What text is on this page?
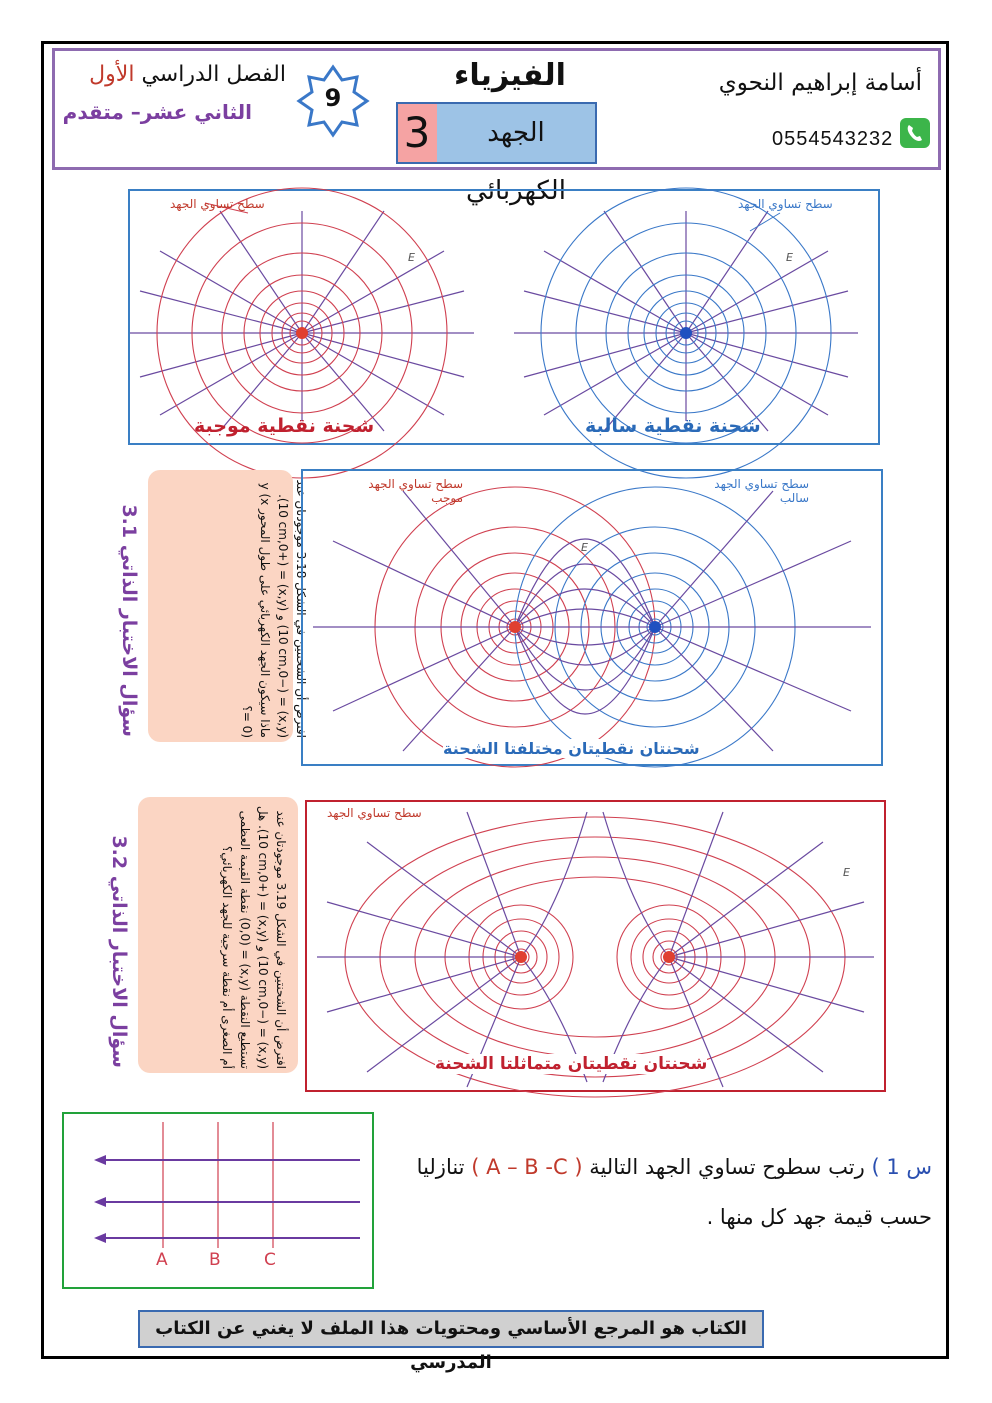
أسامة إبراهيم النحوي
0554543232
الفيزياء
3	الجهد الكهربائي
الفصل الدراسي الأول
الثاني عشر– متقدم	9
سطح تساوي الجهد	سطح تساوي الجهد
E	E
شحنة نقطية موجبة	شحنة نقطية سالبة
افترض أن الشحنتين في الشكل 3.18 موجودتان عند (x,y) = (−10 cm,0) و (x,y) = (+10 cm,0). ماذا سيكون الجهد الكهربائي على طول المحور y (x = 0)؟
سؤال الاختبار الذاتي 3.1
سطح تساوي الجهد موجب
سطح تساوي الجهد سالب
E
شحنتان نقطيتان مختلفتا الشحنة
افترض أن الشحنتين في الشكل 3.19 موجودتان عند (x,y) = (−10 cm,0) و (x,y) = (+10 cm,0). هل تستطيع النقطة (x,y) = (0,0) نقطة القيمة العظمى أم الصغرى أم نقطة سرجية للجهد الكهربائي؟
سؤال الاختبار الذاتي 3.2
سطح تساوي الجهد
E
شحنتان نقطيتان متماثلتا الشحنة
A B	C
س 1 ) رتب سطوح تساوي الجهد التالية ( A – B -C ) تنازليا
حسب قيمة جهد كل منها .
الكتاب هو المرجع الأساسي ومحتويات هذا الملف لا يغني عن الكتاب المدرسي
